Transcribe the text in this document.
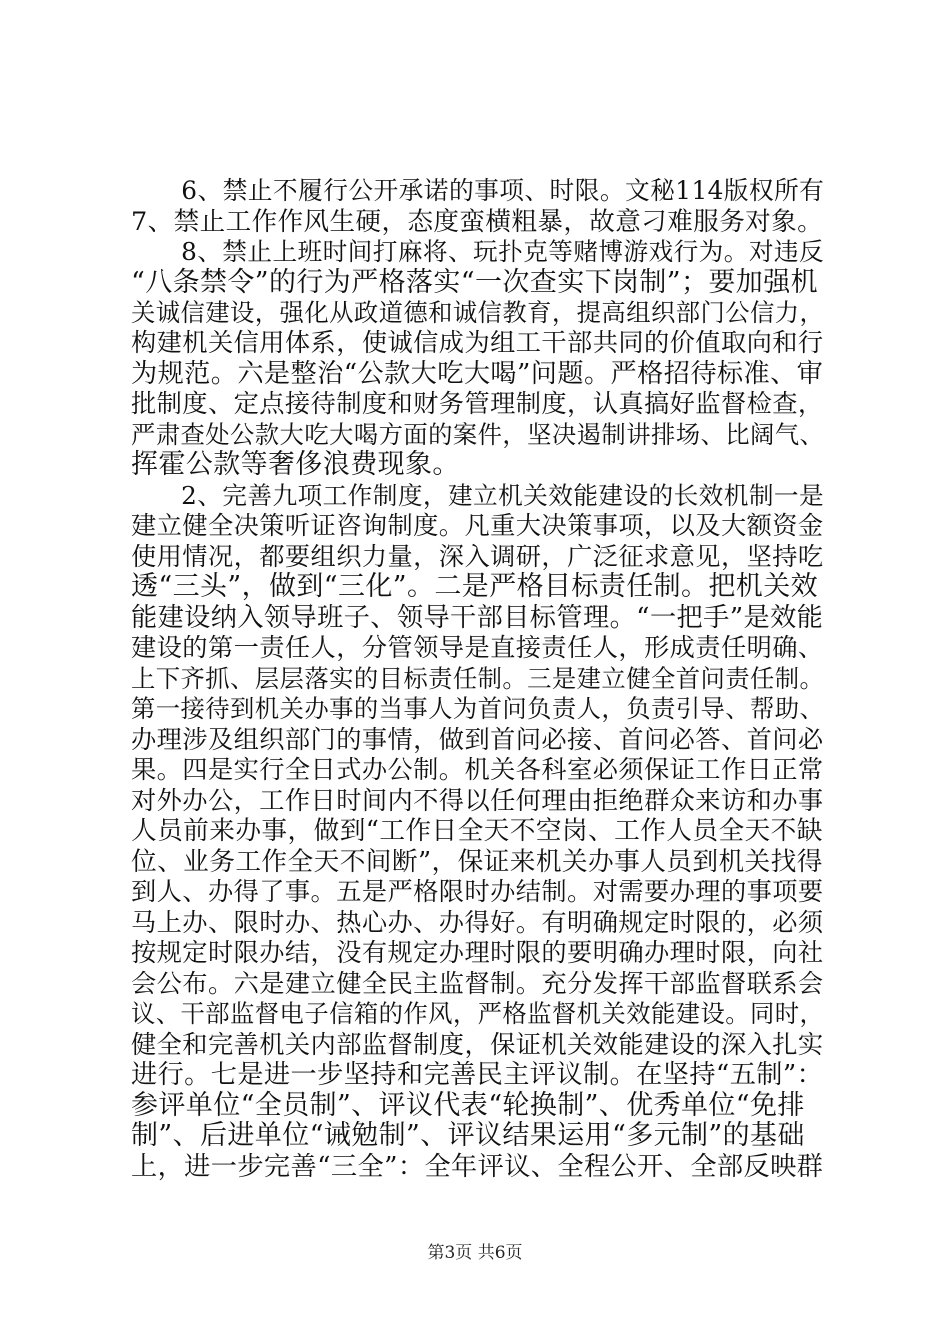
　　6、禁止不履行公开承诺的事项、时限。文秘114版权所有
7、禁止工作作风生硬，态度蛮横粗暴，故意刁难服务对象。
　　8、禁止上班时间打麻将、玩扑克等赌博游戏行为。对违反
“八条禁令”的行为严格落实“一次查实下岗制”；要加强机
关诚信建设，强化从政道德和诚信教育，提高组织部门公信力，
构建机关信用体系，使诚信成为组工干部共同的价值取向和行
为规范。六是整治“公款大吃大喝”问题。严格招待标准、审
批制度、定点接待制度和财务管理制度，认真搞好监督检查，
严肃查处公款大吃大喝方面的案件，坚决遏制讲排场、比阔气、
挥霍公款等奢侈浪费现象。
　　2、完善九项工作制度，建立机关效能建设的长效机制一是
建立健全决策听证咨询制度。凡重大决策事项，以及大额资金
使用情况，都要组织力量，深入调研，广泛征求意见，坚持吃
透“三头”，做到“三化”。二是严格目标责任制。把机关效
能建设纳入领导班子、领导干部目标管理。“一把手”是效能
建设的第一责任人，分管领导是直接责任人，形成责任明确、
上下齐抓、层层落实的目标责任制。三是建立健全首问责任制。
第一接待到机关办事的当事人为首问负责人，负责引导、帮助、
办理涉及组织部门的事情，做到首问必接、首问必答、首问必
果。四是实行全日式办公制。机关各科室必须保证工作日正常
对外办公，工作日时间内不得以任何理由拒绝群众来访和办事
人员前来办事，做到“工作日全天不空岗、工作人员全天不缺
位、业务工作全天不间断”，保证来机关办事人员到机关找得
到人、办得了事。五是严格限时办结制。对需要办理的事项要
马上办、限时办、热心办、办得好。有明确规定时限的，必须
按规定时限办结，没有规定办理时限的要明确办理时限，向社
会公布。六是建立健全民主监督制。充分发挥干部监督联系会
议、干部监督电子信箱的作风，严格监督机关效能建设。同时，
健全和完善机关内部监督制度，保证机关效能建设的深入扎实
进行。七是进一步坚持和完善民主评议制。在坚持“五制”：
参评单位“全员制”、评议代表“轮换制”、优秀单位“免排
制”、后进单位“诫勉制”、评议结果运用“多元制”的基础
上，进一步完善“三全”：全年评议、全程公开、全部反映群
第3页 共6页
